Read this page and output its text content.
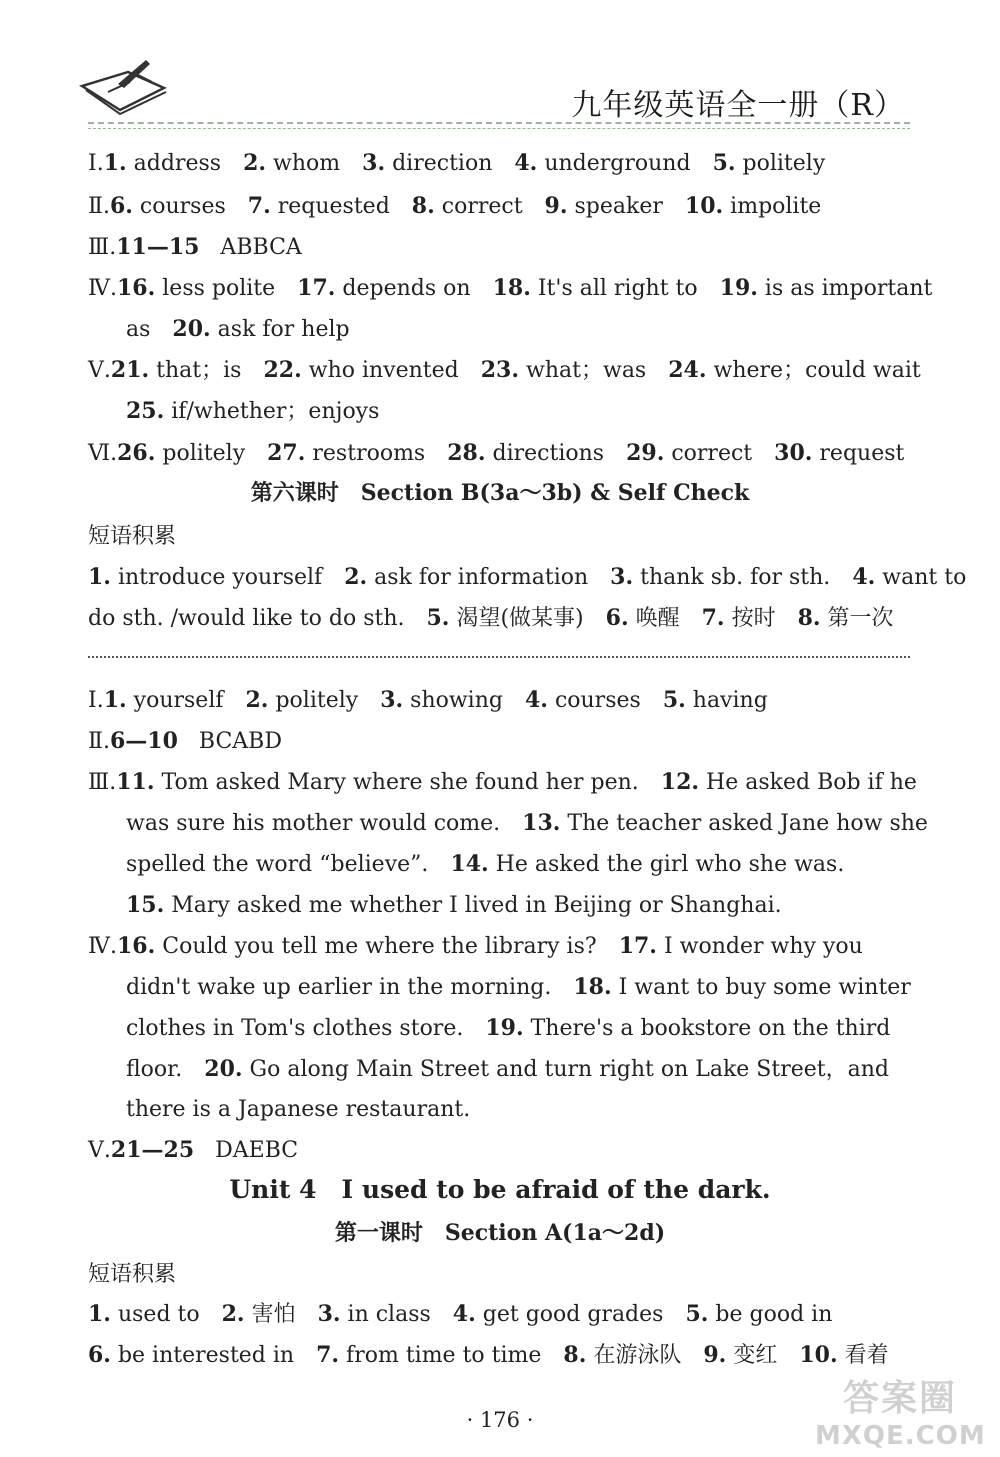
九年级英语全一册（R）
Ⅰ.1. address 2. whom 3. direction 4. underground 5. politely
Ⅱ.6. courses 7. requested 8. correct 9. speaker 10. impolite
Ⅲ.11—15   ABBCA
Ⅳ.16. less polite 17. depends on 18. It's all right to 19. is as important
as 20. ask for help
Ⅴ.21. that；is 22. who invented 23. what；was 24. where；could wait
25. if/whether；enjoys
Ⅵ.26. politely 27. restrooms 28. directions 29. correct 30. request
第六课时　Section B(3a～3b) & Self Check
短语积累
1. introduce yourself 2. ask for information 3. thank sb. for sth. 4. want to
do sth. /would like to do sth. 5. 渴望(做某事) 6. 唤醒 7. 按时 8. 第一次
Ⅰ.1. yourself 2. politely 3. showing 4. courses 5. having
Ⅱ.6—10   BCABD
Ⅲ.11. Tom asked Mary where she found her pen. 12. He asked Bob if he
was sure his mother would come. 13. The teacher asked Jane how she
spelled the word “believe”. 14. He asked the girl who she was.
15. Mary asked me whether I lived in Beijing or Shanghai.
Ⅳ.16. Could you tell me where the library is? 17. I wonder why you
didn't wake up earlier in the morning. 18. I want to buy some winter
clothes in Tom's clothes store. 19. There's a bookstore on the third
floor. 20. Go along Main Street and turn right on Lake Street，and
there is a Japanese restaurant.
Ⅴ.21—25   DAEBC
Unit 4　I used to be afraid of the dark.
第一课时　Section A(1a～2d)
短语积累
1. used to 2. 害怕 3. in class 4. get good grades 5. be good in
6. be interested in 7. from time to time 8. 在游泳队 9. 变红 10. 看着
· 176 ·
答案圈
MXQE.COM
